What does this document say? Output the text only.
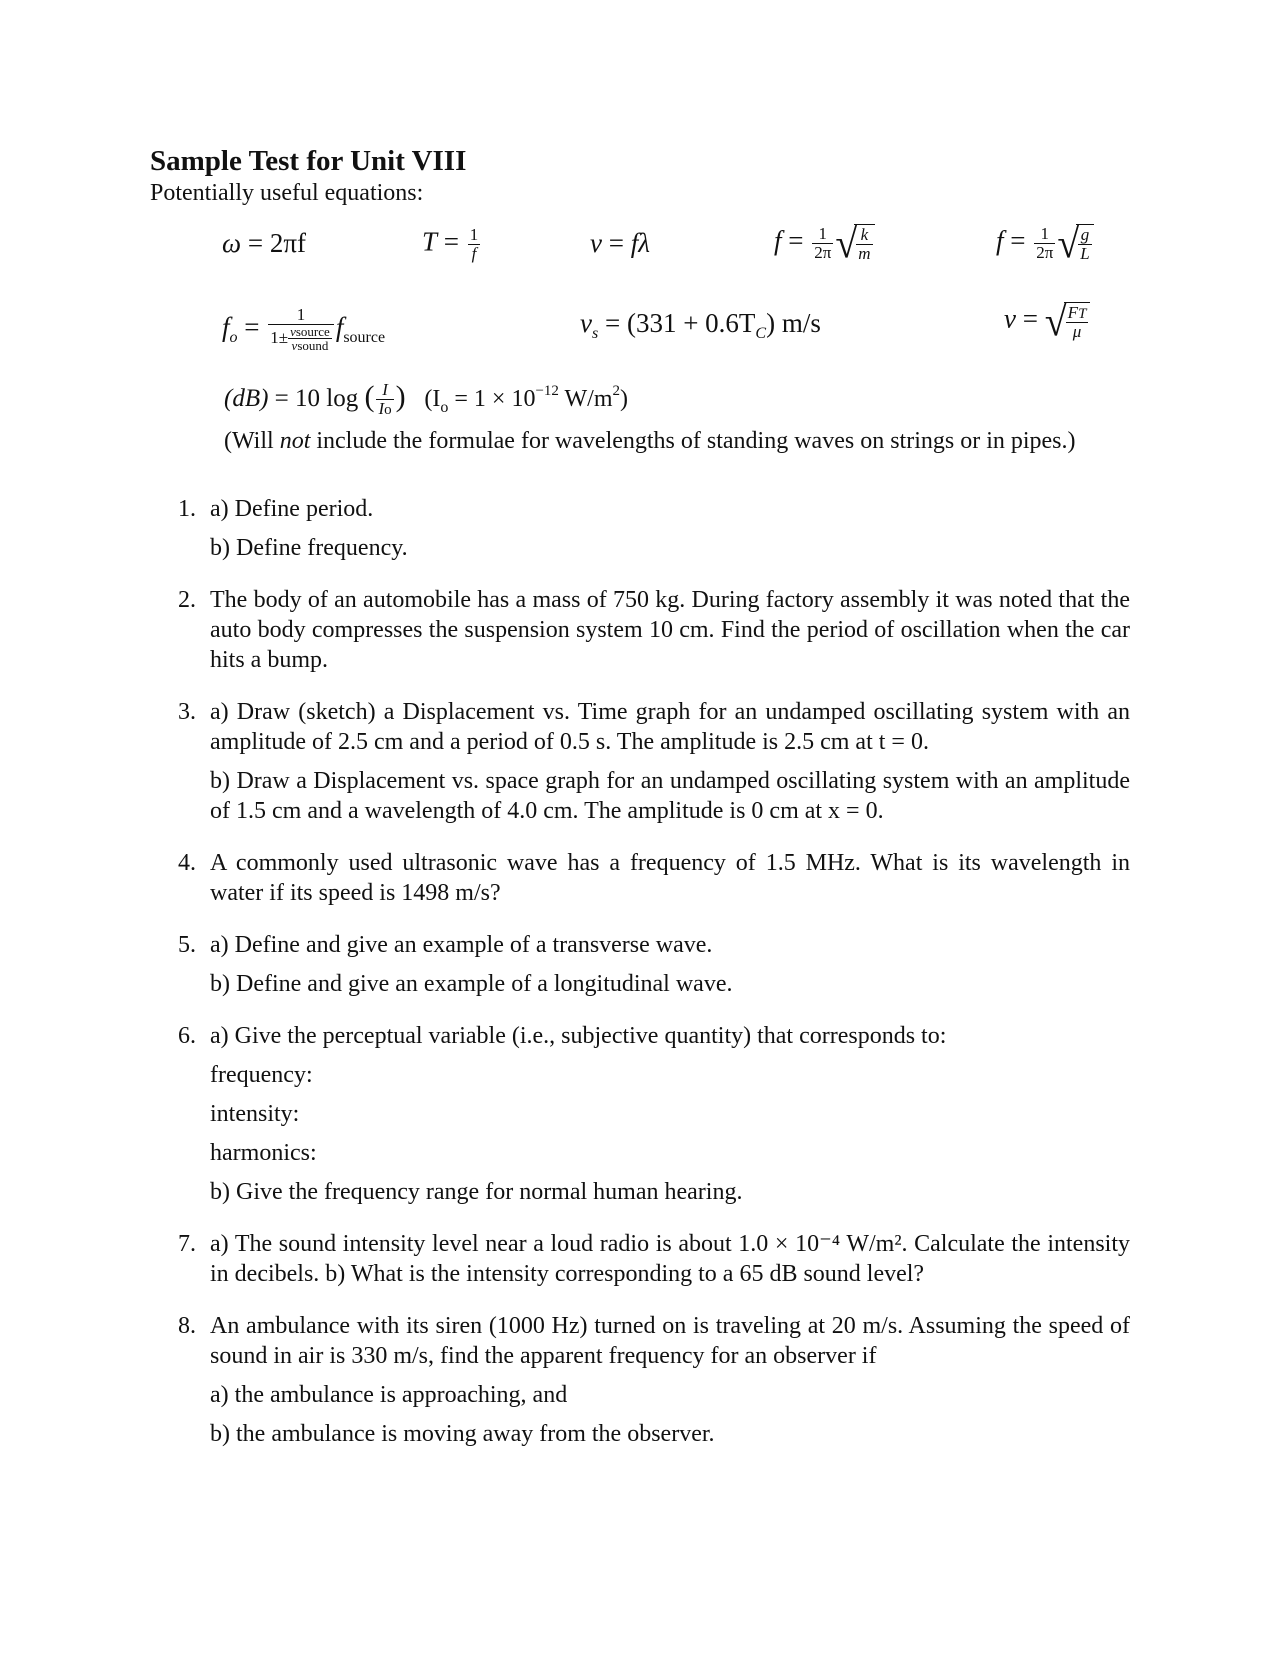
Sample Test for Unit VIII
Potentially useful equations:
ω = 2πf	$T = \frac{1}{f}$	v = fλ	$f = \frac{1}{2\pi}$ √ $\frac{k}{m}$	$f = \frac{1}{2\pi}$ √ $\frac{g}{L}$
$f_o = \frac{1}{1\pm \frac{\text{vsource}}{\text{vsound}}} f_{source}$	$v_s = (331 + 0.6T_C)$ m/s	v = √ $\frac{FT}{\mu}$
(dB) = 10 log ( $\frac{I}{Io}$ ) ($I_o = 1 \times 10^{-12}$ $W/m^2$)
(Will not include the formulae for wavelengths of standing waves on strings or in pipes.)
1. a) Define period.
b) Define frequency.
2. The body of an automobile has a mass of 750 kg. During factory assembly it was noted that the auto body compresses the suspension system 10 cm. Find the period of oscillation when the car hits a bump.
3. a) Draw (sketch) a Displacement vs. Time graph for an undamped oscillating system with an amplitude of 2.5 cm and a period of 0.5 s. The amplitude is 2.5 cm at t = 0.
b) Draw a Displacement vs. space graph for an undamped oscillating system with an amplitude of 1.5 cm and a wavelength of 4.0 cm. The amplitude is 0 cm at x = 0.
4. A commonly used ultrasonic wave has a frequency of 1.5 MHz. What is its wavelength in water if its speed is 1498 m/s?
5. a) Define and give an example of a transverse wave.
b) Define and give an example of a longitudinal wave.
6. a) Give the perceptual variable (i.e., subjective quantity) that corresponds to:
frequency:
intensity:
harmonics:
b) Give the frequency range for normal human hearing.
7. a) The sound intensity level near a loud radio is about 1.0 × 10⁻⁴ W/m². Calculate the intensity in decibels. b) What is the intensity corresponding to a 65 dB sound level?
8. An ambulance with its siren (1000 Hz) turned on is traveling at 20 m/s. Assuming the speed of sound in air is 330 m/s, find the apparent frequency for an observer if
a) the ambulance is approaching, and
b) the ambulance is moving away from the observer.
